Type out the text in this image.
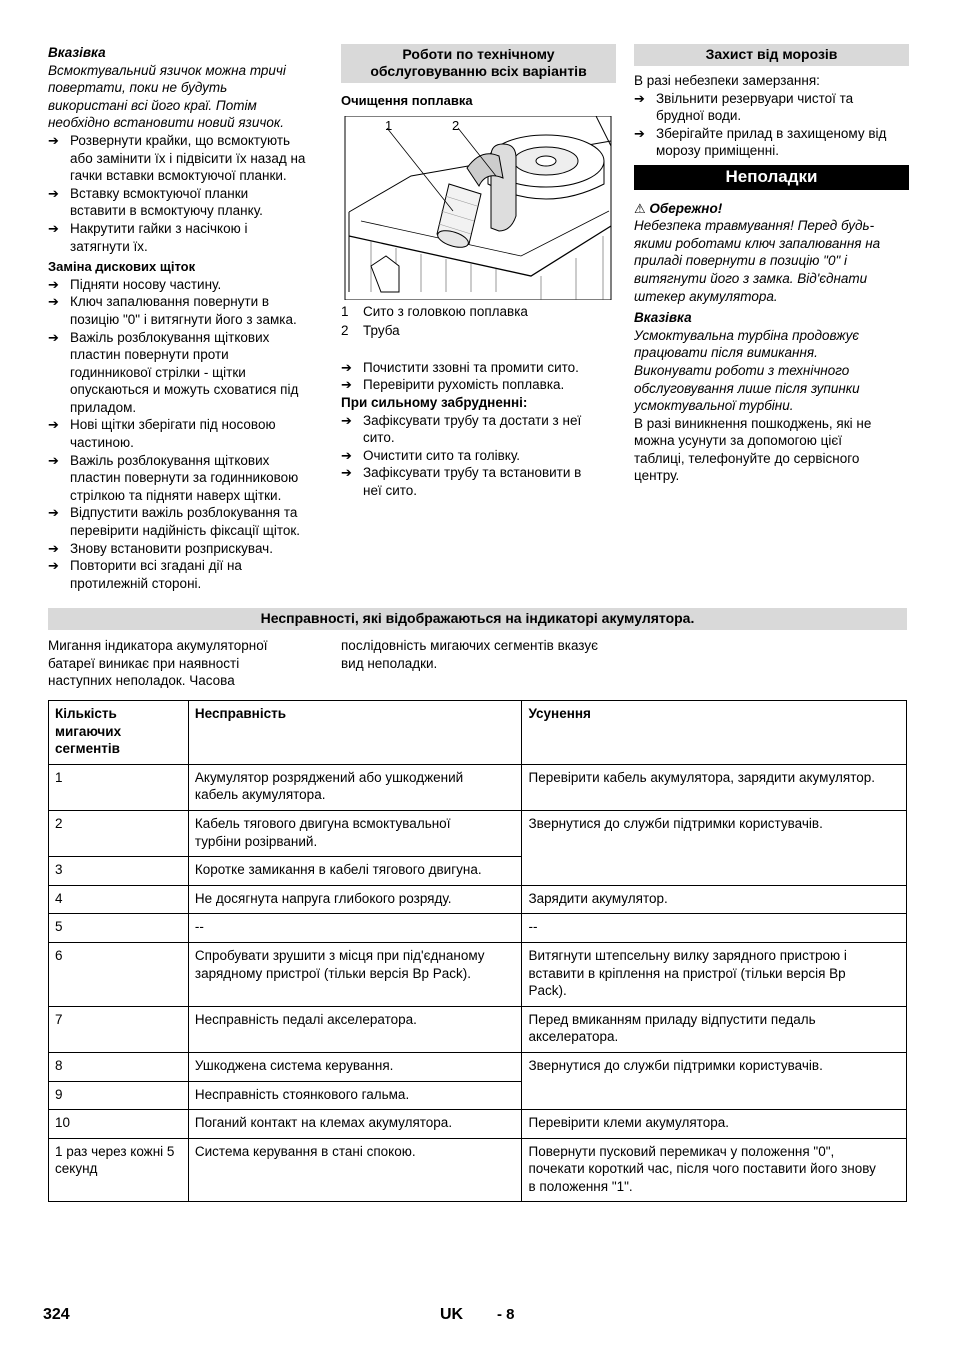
Вказівка

Всмоктувальний язичок можна тричі
повертати, поки не будуть
використані всі його краї. Потім
необхідно встановити новий язичок.

➔ Розвернути крайки, що всмоктують
або замінити їх і підвісити їх назад на
гачки вставки всмоктуючої планки.

➔ Вставку всмоктуючої планки
вставити в всмоктуючу планку.

➔ Накрутити гайки з насічкою і
затягнути їх.

Заміна дискових щіток

➔ Підняти носову частину.

➔ Ключ запалювання повернути в
позицію "0" і витягнути його з замка.

➔ Важіль розблокування щіткових
пластин повернути проти
годинникової стрілки - щітки
опускаються и можуть сховатися під
приладом.

➔ Нові щітки зберігати під носовою
частиною.

➔ Важіль розблокування щіткових
пластин повернути за годинниковою
стрілкою та підняти наверх щітки.

➔ Відпустити важіль розблокування та
перевірити надійність фіксації щіток.

➔ Знову встановити розприскувач.

➔ Повторити всі згадані дії на
протилежній стороні.

Роботи по технічному
обслуговуванню всіх варіантів

Очищення поплавка

1	2

1 Сито з головкою поплавка

2 Труба

➔ Почистити ззовні та промити сито.

➔ Перевірити рухомість поплавка.

При сильному забрудненні:

➔ Зафіксувати трубу та достати з неї
сито.

➔ Очистити сито та голівку.

➔ Зафіксувати трубу та встановити в
неї сито.

Захист від морозів

В разі небезпеки замерзання:

➔ Звільнити резервуари чистої та
брудної води.

➔ Зберігайте прилад в захищеному від
морозу приміщенні.

Неполадки

⚠ Обережно!

Небезпека травмування! Перед будь-
якими роботами ключ запалювання на
приладі повернути в позицію "0" і
витягнути його з замка. Від'єднати
штекер акумулятора.

Вказівка

Усмоктувальна турбіна продовжує
працювати після вимикання.
Виконувати роботи з технічного
обслуговування лише після зупинки
усмоктувальної турбіни.

В разі виникнення пошкоджень, які не
можна усунути за допомогою цієї
таблиці, телефонуйте до сервісного
центру.

Несправності, які відображаються на індикаторі акумулятора.

Мигання індикатора акумуляторної
батареї виникає при наявності
наступних неполадок. Часова

послідовність мигаючих сегментів вказує
вид неполадки.

Кількість
мигаючих
сегментів	Несправність	Усунення
1	Акумулятор розряджений або ушкоджений
кабель акумулятора.	Перевірити кабель акумулятора, зарядити акумулятор.
2	Кабель тягового двигуна всмоктувальної
турбіни розірваний.	Звернутися до служби підтримки користувачів.
3	Коротке замикання в кабелі тягового двигуна.	
4	Не досягнута напруга глибокого розряду.	Зарядити акумулятор.
5	--	--
6	Спробувати зрушити з місця при під'єднаному
зарядному пристрої (тільки версія Bp Pack).	Витягнути штепсельну вилку зарядного пристрою і
вставити в кріплення на пристрої (тільки версія Bp
Pack).
7	Несправність педалі акселератора.	Перед вмиканням приладу відпустити педаль
акселератора.
8	Ушкоджена система керування.	Звернутися до служби підтримки користувачів.
9	Несправність стоянкового гальма.	
10	Поганий контакт на клемах акумулятора.	Перевірити клеми акумулятора.
1 раз через кожні 5
секунд	Система керування в стані спокою.	Повернути пусковий перемикач у положення "0",
почекати короткий час, після чого поставити його знову
в положення "1".
324	UK - 8
